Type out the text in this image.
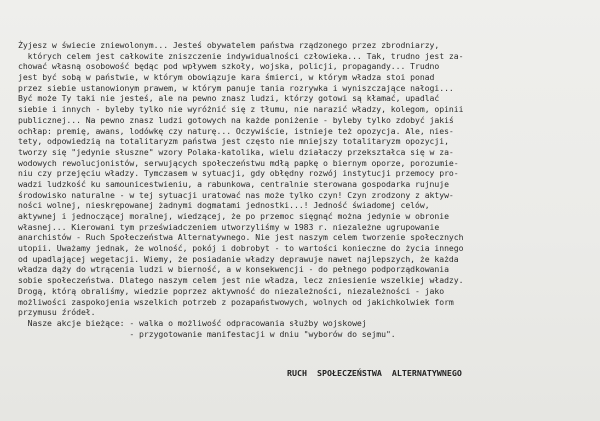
Żyjesz w świecie zniewolonym... Jesteś obywatelem państwa rządzonego przez zbrodniarzy,
których celem jest całkowite zniszczenie indywidualności człowieka... Tak, trudno jest za-
chować własną osobowość będąc pod wpływem szkoły, wojska, policji, propagandy... Trudno
jest być sobą w państwie, w którym obowiązuje kara śmierci, w którym władza stoi ponad
przez siebie ustanowionym prawem, w którym panuje tania rozrywka i wyniszczające nałogi...
Być może Ty taki nie jesteś, ale na pewno znasz ludzi, którzy gotowi są kłamać, upadlać
siebie i innych - byleby tylko nie wyróżnić się z tłumu, nie narazić władzy, kolegom, opinii
publicznej... Na pewno znasz ludzi gotowych na każde poniżenie - byleby tylko zdobyć jakiś
ochłap: premię, awans, lodówkę czy naturę... Oczywiście, istnieje też opozycja. Ale, nies-
tety, odpowiedzią na totalitaryzm państwa jest często nie mniejszy totalitaryzm opozycji,
tworzy się "jedynie słuszne" wzory Polaka-katolika, wielu działaczy przekształca się w za-
wodowych rewolucjonistów, serwujących społeczeństwu mdłą papkę o biernym oporze, porozumie-
niu czy przejęciu władzy. Tymczasem w sytuacji, gdy obłędny rozwój instytucji przemocy pro-
wadzi ludzkość ku samounicestwieniu, a rabunkowa, centralnie sterowana gospodarka rujnuje
środowisko naturalne - w tej sytuacji uratować nas może tylko czyn! Czyn zrodzony z aktyw-
ności wolnej, nieskrępowanej żadnymi dogmatami jednostki...! Jedność świadomej celów,
aktywnej i jednoczącej moralnej, wiedzącej, że po przemoc sięgnąć można jedynie w obronie
własnej... Kierowani tym przeświadczeniem utworzyliśmy w 1983 r. niezależne ugrupowanie
anarchistów - Ruch Społeczeństwa Alternatywnego. Nie jest naszym celem tworzenie społecznych
utopii. Uważamy jednak, że wolność, pokój i dobrobyt - to wartości konieczne do życia innego
od upadlającej wegetacji. Wiemy, że posiadanie władzy deprawuje nawet najlepszych, że każda
władza dąży do wtrącenia ludzi w bierność, a w konsekwencji - do pełnego podporządkowania
sobie społeczeństwa. Dlatego naszym celem jest nie władza, lecz zniesienie wszelkiej władzy.
Drogą, którą obraliśmy, wiedzie poprzez aktywność do niezależności, niezależności - jako
możliwości zaspokojenia wszelkich potrzeb z pozapaństwowych, wolnych od jakichkolwiek form
przymusu źródeł.
Nasze akcje bieżące: - walka o możliwość odpracowania służby wojskowej
- przygotowanie manifestacji w dniu "wyborów do sejmu".
RUCH  SPOŁECZEŃSTWA  ALTERNATYWNEGO
